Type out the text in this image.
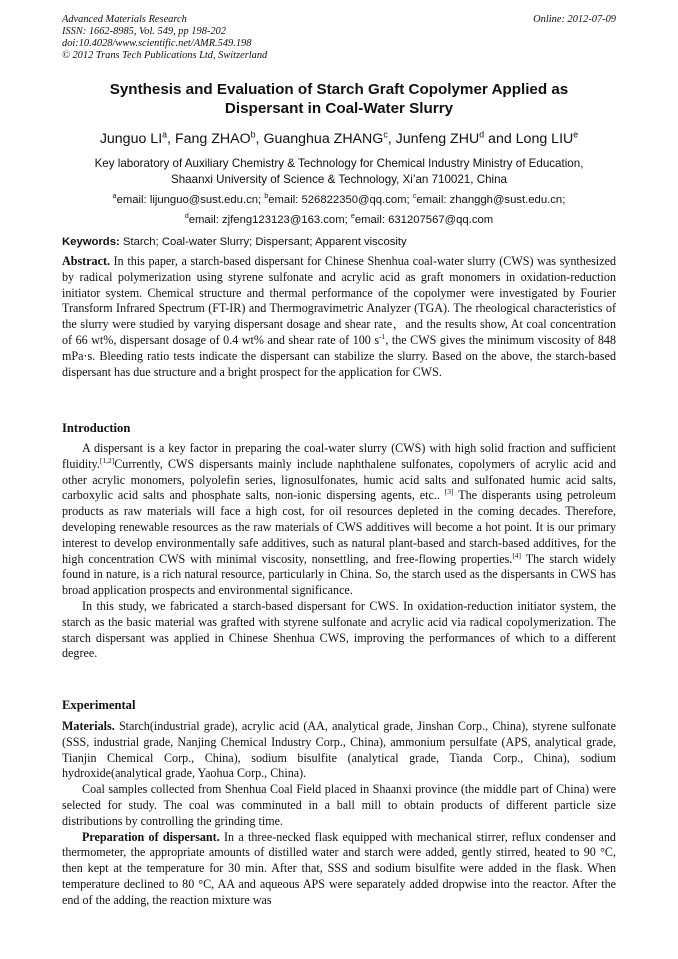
Advanced Materials Research
ISSN: 1662-8985, Vol. 549, pp 198-202
doi:10.4028/www.scientific.net/AMR.549.198
© 2012 Trans Tech Publications Ltd, Switzerland
Online: 2012-07-09
Synthesis and Evaluation of Starch Graft Copolymer Applied as
Dispersant in Coal-Water Slurry
Junguo $LI^a$, Fang ZHAO$^b$, Guanghua ZHANG$^c$, Junfeng ZHU$^d$ and Long LIU$^e$
Key laboratory of Auxiliary Chemistry & Technology for Chemical Industry Ministry of Education,
Shaanxi University of Science & Technology, Xi’an 710021, China
$^a$email: lijunguo@sust.edu.cn; $^b$email: 526822350@qq.com; $^c$email: zhanggh@sust.edu.cn;
$^d$email: zjfeng123123@163.com; $^e$email: 631207567@qq.com
Keywords: Starch; Coal-water Slurry; Dispersant; Apparent viscosity

Abstract. In this paper, a starch-based dispersant for Chinese Shenhua coal-water slurry (CWS) was synthesized by radical polymerization using styrene sulfonate and acrylic acid as graft monomers in oxidation-reduction initiator system. Chemical structure and thermal performance of the copolymer were investigated by Fourier Transform Infrared Spectrum (FT-IR) and Thermogravimetric Analyzer (TGA). The rheological characteristics of the slurry were studied by varying dispersant dosage and shear rate，and the results show, At coal concentration of 66 wt%, dispersant dosage of 0.4 wt% and shear rate of 100 $s^{-1}$, the CWS gives the minimum viscosity of 848 mPa·s. Bleeding ratio tests indicate the dispersant can stabilize the slurry. Based on the above, the starch-based dispersant has due structure and a bright prospect for the application for CWS.

Introduction

A dispersant is a key factor in preparing the coal-water slurry (CWS) with high solid fraction and sufficient fluidity.[1,2]Currently, CWS dispersants mainly include naphthalene sulfonates, copolymers of acrylic acid and other acrylic monomers, polyolefin series, lignosulfonates, humic acid salts and sulfonated humic acid salts, carboxylic acid salts and phosphate salts, non-ionic dispersing agents, etc.. [3] The disperants using petroleum products as raw materials will face a high cost, for oil resources depleted in the coming decades. Therefore, developing renewable resources as the raw materials of CWS additives will become a hot point. It is our primary interest to develop environmentally safe additives, such as natural plant-based and starch-based additives, for the high concentration CWS with minimal viscosity, nonsettling, and free-flowing properties.[4] The starch widely found in nature, is a rich natural resource, particularly in China. So, the starch used as the dispersants in CWS has broad application prospects and environmental significance.

In this study, we fabricated a starch-based dispersant for CWS. In oxidation-reduction initiator system, the starch as the basic material was grafted with styrene sulfonate and acrylic acid via radical copolymerization. The starch dispersant was applied in Chinese Shenhua CWS, improving the performances of which to a different degree.

Experimental

Materials. Starch(industrial grade), acrylic acid (AA, analytical grade, Jinshan Corp., China), styrene sulfonate (SSS, industrial grade, Nanjing Chemical Industry Corp., China), ammonium persulfate (APS, analytical grade, Tianjin Chemical Corp., China), sodium bisulfite (analytical grade, Tianda Corp., China), sodium hydroxide(analytical grade, Yaohua Corp., China).

Coal samples collected from Shenhua Coal Field placed in Shaanxi province (the middle part of China) were selected for study. The coal was comminuted in a ball mill to obtain products of different particle size distributions by controlling the grinding time.

Preparation of dispersant. In a three-necked flask equipped with mechanical stirrer, reflux condenser and thermometer, the appropriate amounts of distilled water and starch were added, gently stirred, heated to 90 °C, then kept at the temperature for 30 min. After that, SSS and sodium bisulfite were added in the flask. When temperature declined to 80 °C, AA and aqueous APS were separately added dropwise into the reactor. After the end of the adding, the reaction mixture was
